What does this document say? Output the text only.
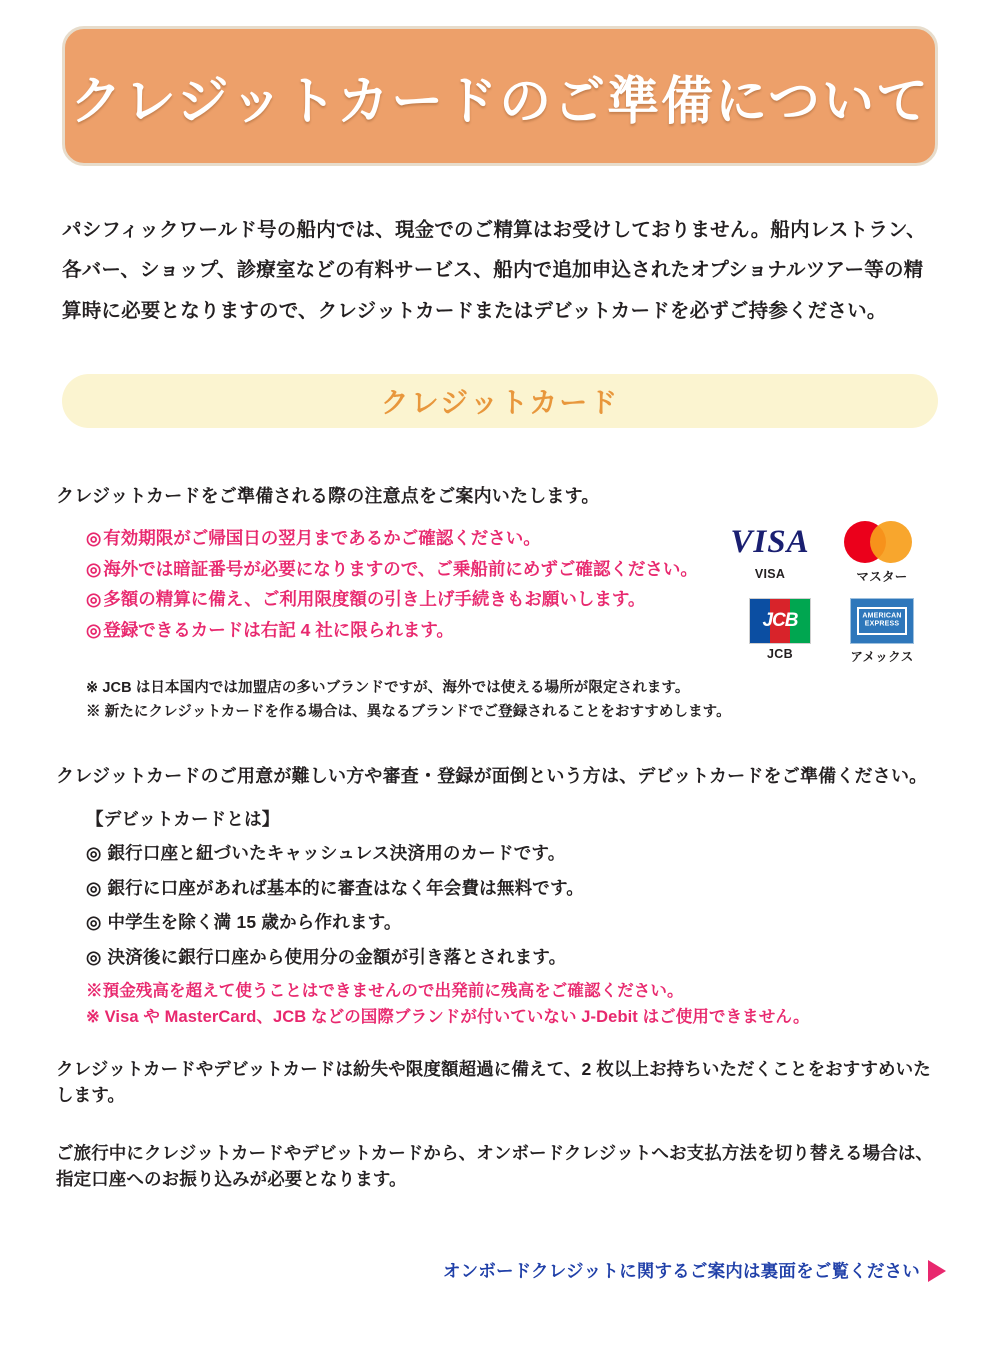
クレジットカードのご準備について
パシフィックワールド号の船内では、現金でのご精算はお受けしておりません。船内レストラン、各バー、ショップ、診療室などの有料サービス、船内で追加申込されたオプショナルツアー等の精算時に必要となりますので、クレジットカードまたはデビットカードを必ずご持参ください。
クレジットカード
クレジットカードをご準備される際の注意点をご案内いたします。
◎ 有効期限がご帰国日の翌月まであるかご確認ください。
◎ 海外では暗証番号が必要になりますので、ご乗船前にめずご確認ください。
◎ 多額の精算に備え、ご利用限度額の引き上げ手続きもお願いします。
◎ 登録できるカードは右記 4 社に限られます。
※ JCB は日本国内では加盟店の多いブランドですが、海外では使える場所が限定されます。
※ 新たにクレジットカードを作る場合は、異なるブランドでご登録されることをおすすめします。
VISA
VISA	マスター
JCB
JCB
AMERICAN EXPRESS
アメックス
クレジットカードのご用意が難しい方や審査・登録が面倒という方は、デビットカードをご準備ください。
【デビットカードとは】
◎ 銀行口座と紐づいたキャッシュレス決済用のカードです。
◎ 銀行に口座があれば基本的に審査はなく年会費は無料です。
◎ 中学生を除く満 15 歳から作れます。
◎ 決済後に銀行口座から使用分の金額が引き落とされます。
※預金残高を超えて使うことはできませんので出発前に残高をご確認ください。
※ Visa や MasterCard、JCB などの国際ブランドが付いていない J-Debit はご使用できません。
クレジットカードやデビットカードは紛失や限度額超過に備えて、2 枚以上お持ちいただくことをおすすめいたします。
ご旅行中にクレジットカードやデビットカードから、オンボードクレジットへお支払方法を切り替える場合は、指定口座へのお振り込みが必要となります。
オンボードクレジットに関するご案内は裏面をご覧ください
